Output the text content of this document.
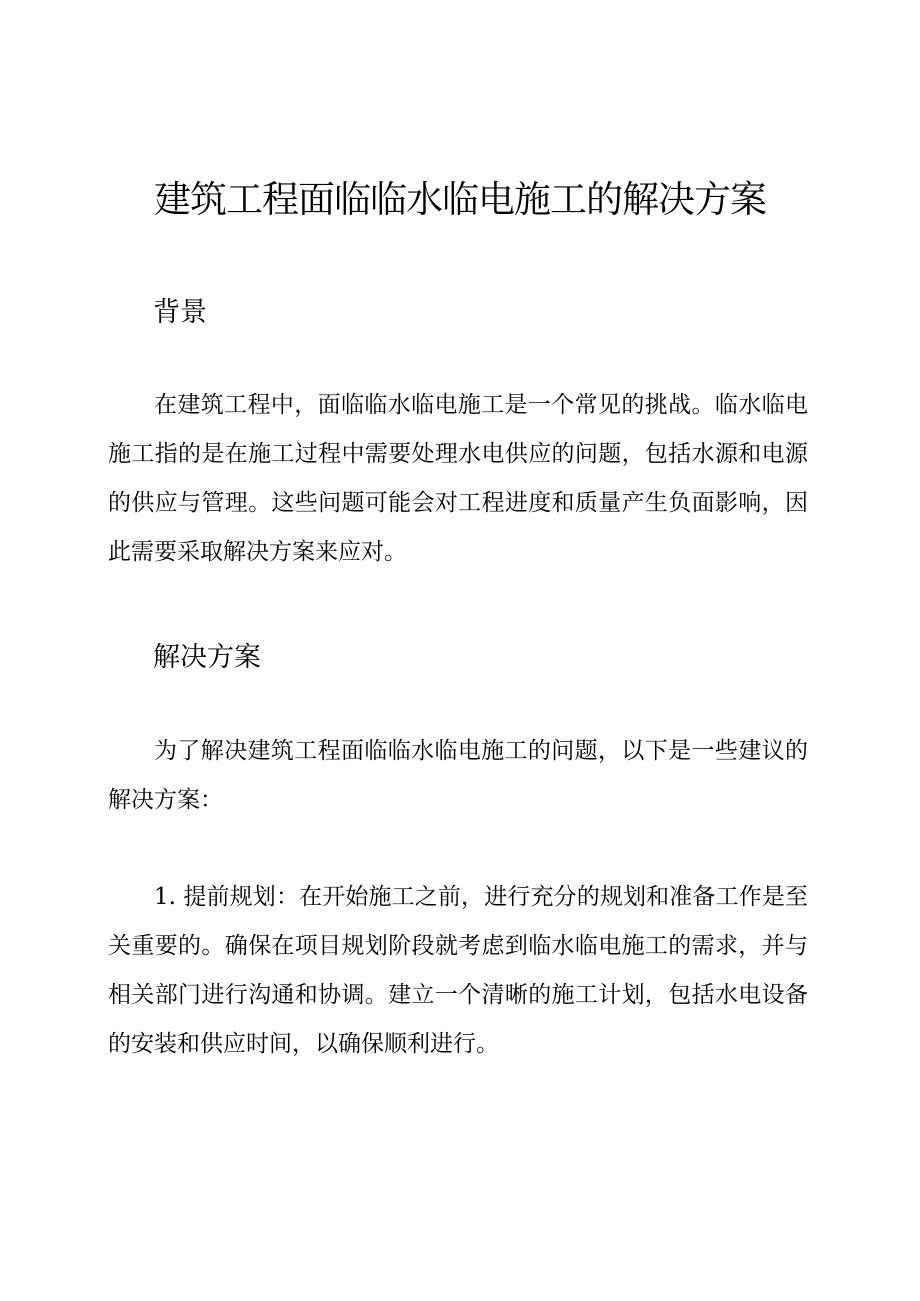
建筑工程面临临水临电施工的解决方案
背景

在建筑工程中，面临临水临电施工是一个常见的挑战。临水临电施工指的是在施工过程中需要处理水电供应的问题，包括水源和电源的供应与管理。这些问题可能会对工程进度和质量产生负面影响，因此需要采取解决方案来应对。

解决方案

为了解决建筑工程面临临水临电施工的问题，以下是一些建议的解决方案：

1. 提前规划：在开始施工之前，进行充分的规划和准备工作是至关重要的。确保在项目规划阶段就考虑到临水临电施工的需求，并与相关部门进行沟通和协调。建立一个清晰的施工计划，包括水电设备的安装和供应时间，以确保顺利进行。
